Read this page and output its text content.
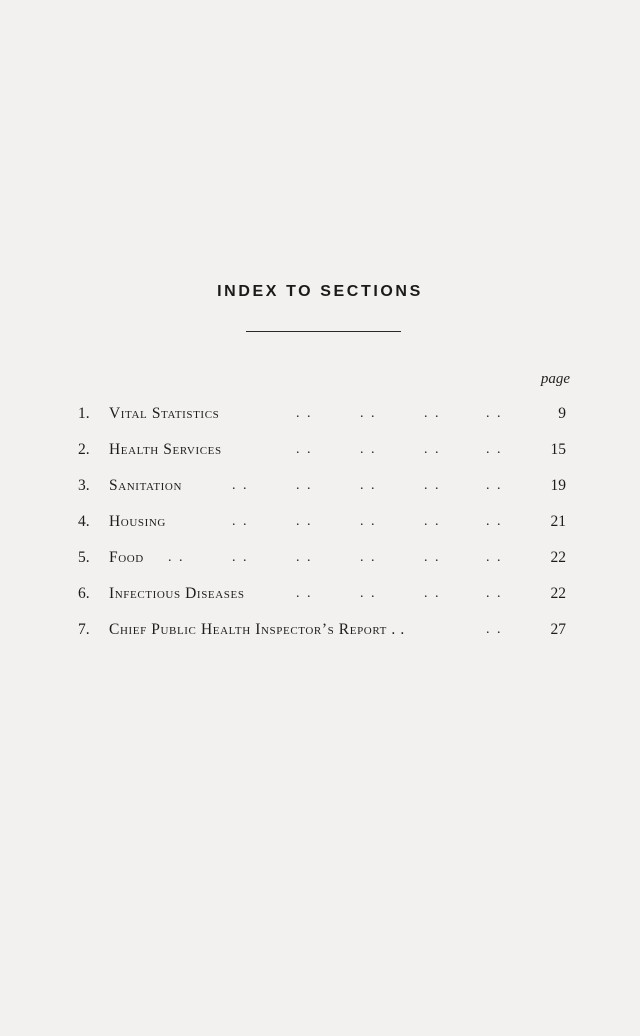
INDEX TO SECTIONS
page
1.	Vital Statistics	. .	. .	. .	. .	9
2.	Health Services	. .	. .	. .	. .	15
3.	Sanitation	. .	. .	. .	. .	. .	19
4.	Housing	. .	. .	. .	. .	. .	21
5.	Food . .	. .	. .	. .	. .	. .	22
6.	Infectious Diseases	. .	. .	. .	. .	22
7.	Chief Public Health Inspector’s Report . .	. .	27
